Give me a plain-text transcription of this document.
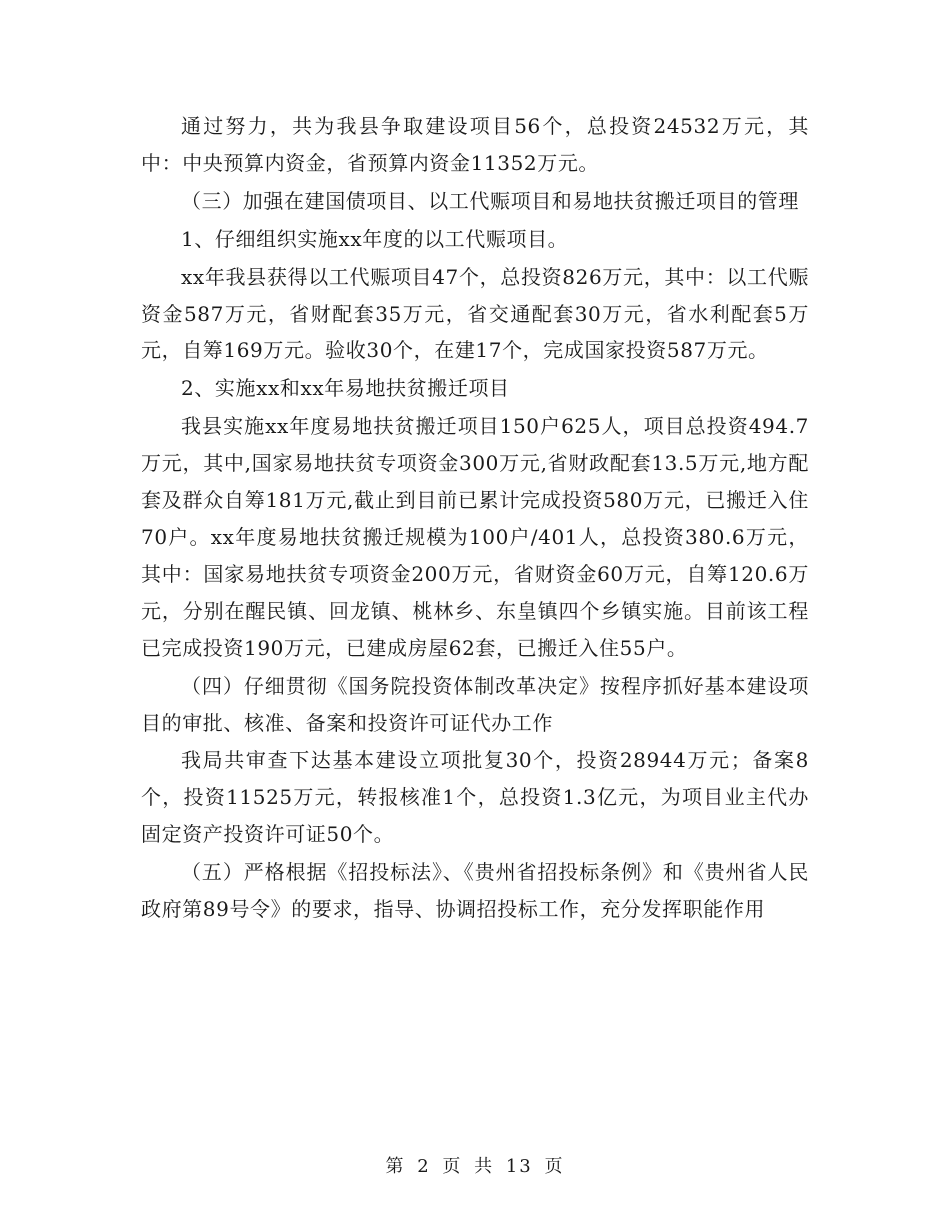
通过努力，共为我县争取建设项目56个，总投资24532万元，其中：中央预算内资金，省预算内资金11352万元。

（三）加强在建国债项目、以工代赈项目和易地扶贫搬迁项目的管理

1、仔细组织实施xx年度的以工代赈项目。

xx年我县获得以工代赈项目47个，总投资826万元，其中：以工代赈资金587万元，省财配套35万元，省交通配套30万元，省水利配套5万元，自筹169万元。验收30个，在建17个，完成国家投资587万元。

2、实施xx和xx年易地扶贫搬迁项目

我县实施xx年度易地扶贫搬迁项目150户625人，项目总投资494.7万元，其中,国家易地扶贫专项资金300万元,省财政配套13.5万元,地方配套及群众自筹181万元,截止到目前已累计完成投资580万元，已搬迁入住70户。xx年度易地扶贫搬迁规模为100户/401人，总投资380.6万元，其中：国家易地扶贫专项资金200万元，省财资金60万元，自筹120.6万元，分别在醒民镇、回龙镇、桃林乡、东皇镇四个乡镇实施。目前该工程已完成投资190万元，已建成房屋62套，已搬迁入住55户。

（四）仔细贯彻《国务院投资体制改革决定》按程序抓好基本建设项目的审批、核准、备案和投资许可证代办工作

我局共审查下达基本建设立项批复30个，投资28944万元；备案8个，投资11525万元，转报核准1个，总投资1.3亿元，为项目业主代办固定资产投资许可证50个。

（五）严格根据《招投标法》、《贵州省招投标条例》和《贵州省人民政府第89号令》的要求，指导、协调招投标工作，充分发挥职能作用

第 2 页 共 13 页
